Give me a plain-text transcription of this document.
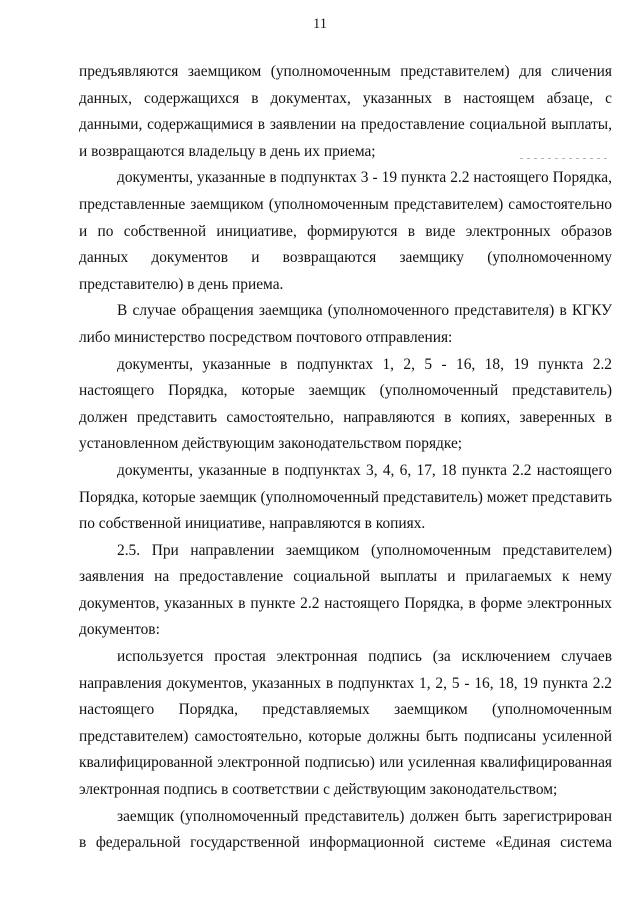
11

предъявляются заемщиком (уполномоченным представителем) для сличения данных, содержащихся в документах, указанных в настоящем абзаце, с данными, содержащимися в заявлении на предоставление социальной выплаты, и возвращаются владельцу в день их приема;

документы, указанные в подпунктах 3 - 19 пункта 2.2 настоящего Порядка, представленные заемщиком (уполномоченным представителем) самостоятельно и по собственной инициативе, формируются в виде электронных образов данных документов и возвращаются заемщику (уполномоченному представителю) в день приема.

В случае обращения заемщика (уполномоченного представителя) в КГКУ либо министерство посредством почтового отправления:

документы, указанные в подпунктах 1, 2, 5 - 16, 18, 19 пункта 2.2 настоящего Порядка, которые заемщик (уполномоченный представитель) должен представить самостоятельно, направляются в копиях, заверенных в установленном действующим законодательством порядке;

документы, указанные в подпунктах 3, 4, 6, 17, 18 пункта 2.2 настоящего Порядка, которые заемщик (уполномоченный представитель) может представить по собственной инициативе, направляются в копиях.

2.5. При направлении заемщиком (уполномоченным представителем) заявления на предоставление социальной выплаты и прилагаемых к нему документов, указанных в пункте 2.2 настоящего Порядка, в форме электронных документов:

используется простая электронная подпись (за исключением случаев направления документов, указанных в подпунктах 1, 2, 5 - 16, 18, 19 пункта 2.2 настоящего Порядка, представляемых заемщиком (уполномоченным представителем) самостоятельно, которые должны быть подписаны усиленной квалифицированной электронной подписью) или усиленная квалифицированная электронная подпись в соответствии с действующим законодательством;

заемщик (уполномоченный представитель) должен быть зарегистрирован в федеральной государственной информационной системе «Единая система
